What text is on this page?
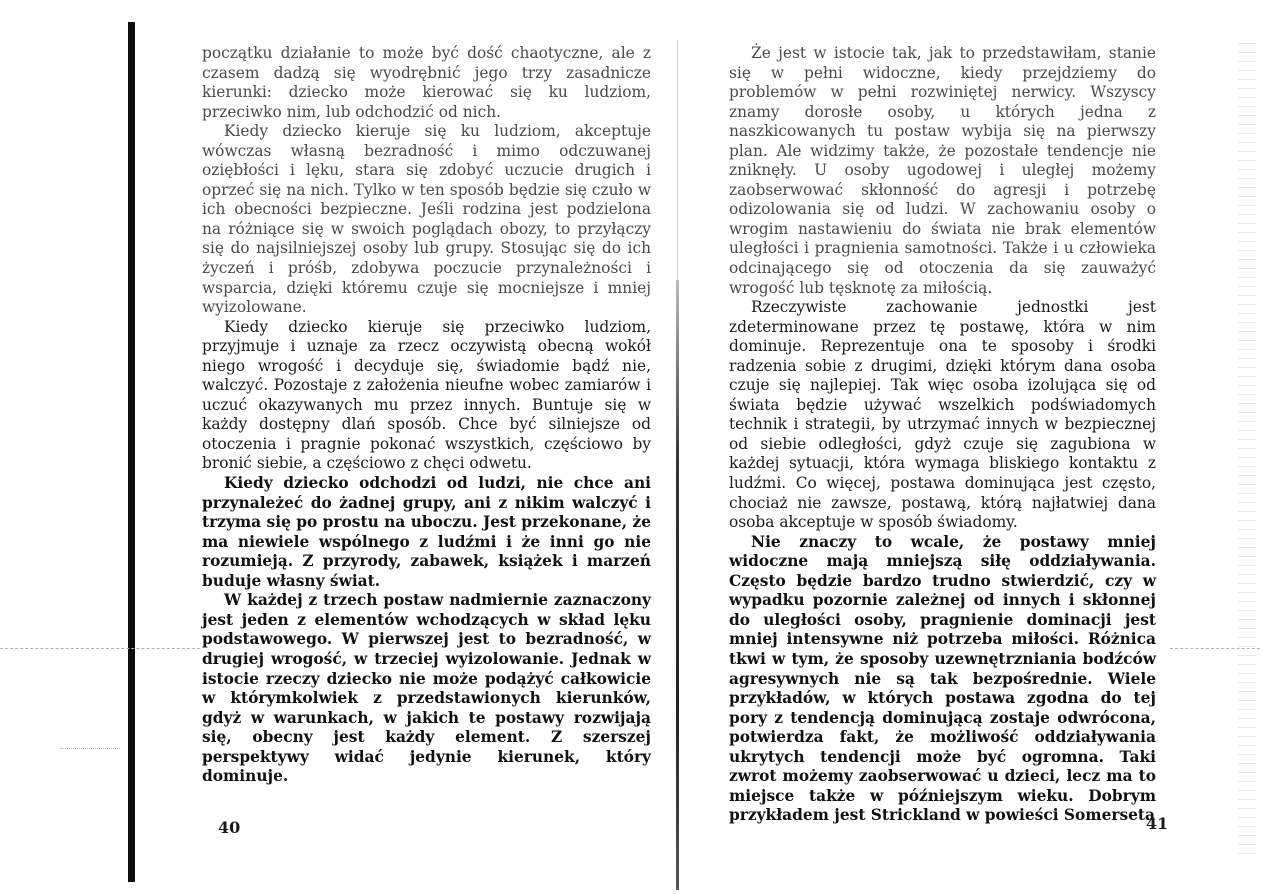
początku działanie to może być dość chaotyczne, ale z czasem dadzą się wyodrębnić jego trzy zasadnicze kierunki: dziecko może kierować się ku ludziom, przeciwko nim, lub odchodzić od nich.

Kiedy dziecko kieruje się ku ludziom, akceptuje wówczas własną bezradność i mimo odczuwanej oziębłości i lęku, stara się zdobyć uczucie drugich i oprzeć się na nich. Tylko w ten sposób będzie się czuło w ich obecności bezpieczne. Jeśli rodzina jest podzielona na różniące się w swoich poglądach obozy, to przyłączy się do najsilniejszej osoby lub grupy. Stosując się do ich życzeń i próśb, zdobywa poczucie przynależności i wsparcia, dzięki któremu czuje się mocniejsze i mniej wyizolowane.

Kiedy dziecko kieruje się przeciwko ludziom, przyjmuje i uznaje za rzecz oczywistą obecną wokół niego wrogość i decyduje się, świadomie bądź nie, walczyć. Pozostaje z założenia nieufne wobec zamiarów i uczuć okazywanych mu przez innych. Buntuje się w każdy dostępny dlań sposób. Chce być silniejsze od otoczenia i pragnie pokonać wszystkich, częściowo by bronić siebie, a częściowo z chęci odwetu.

Kiedy dziecko odchodzi od ludzi, nie chce ani przynależeć do żadnej grupy, ani z nikim walczyć i trzyma się po prostu na uboczu. Jest przekonane, że ma niewiele wspólnego z ludźmi i że inni go nie rozumieją. Z przyrody, zabawek, książek i marzeń buduje własny świat.

W każdej z trzech postaw nadmiernie zaznaczony jest jeden z elementów wchodzących w skład lęku podstawowego. W pierwszej jest to bezradność, w drugiej wrogość, w trzeciej wyizolowanie. Jednak w istocie rzeczy dziecko nie może podążyć całkowicie w którymkolwiek z przedstawionych kierunków, gdyż w warunkach, w jakich te postawy rozwijają się, obecny jest każdy element. Z szerszej perspektywy widać jedynie kierunek, który dominuje.

40

Że jest w istocie tak, jak to przedstawiłam, stanie się w pełni widoczne, kiedy przejdziemy do problemów w pełni rozwiniętej nerwicy. Wszyscy znamy dorosłe osoby, u których jedna z naszkicowanych tu postaw wybija się na pierwszy plan. Ale widzimy także, że pozostałe tendencje nie zniknęły. U osoby ugodowej i uległej możemy zaobserwować skłonność do agresji i potrzebę odizolowania się od ludzi. W zachowaniu osoby o wrogim nastawieniu do świata nie brak elementów uległości i pragnienia samotności. Także i u człowieka odcinającego się od otoczenia da się zauważyć wrogość lub tęsknotę za miłością.

Rzeczywiste zachowanie jednostki jest zdeterminowane przez tę postawę, która w nim dominuje. Reprezentuje ona te sposoby i środki radzenia sobie z drugimi, dzięki którym dana osoba czuje się najlepiej. Tak więc osoba izolująca się od świata będzie używać wszelkich podświadomych technik i strategii, by utrzymać innych w bezpiecznej od siebie odległości, gdyż czuje się zagubiona w każdej sytuacji, która wymaga bliskiego kontaktu z ludźmi. Co więcej, postawa dominująca jest często, chociaż nie zawsze, postawą, którą najłatwiej dana osoba akceptuje w sposób świadomy.

Nie znaczy to wcale, że postawy mniej widoczne mają mniejszą siłę oddziaływania. Często będzie bardzo trudno stwierdzić, czy w wypadku pozornie zależnej od innych i skłonnej do uległości osoby, pragnienie dominacji jest mniej intensywne niż potrzeba miłości. Różnica tkwi w tym, że sposoby uzewnętrzniania bodźców agresywnych nie są tak bezpośrednie. Wiele przykładów, w których postawa zgodna do tej pory z tendencją dominującą zostaje odwrócona, potwierdza fakt, że możliwość oddziaływania ukrytych tendencji może być ogromna. Taki zwrot możemy zaobserwować u dzieci, lecz ma to miejsce także w późniejszym wieku. Dobrym przykładem jest Strickland w powieści Somerseta

41
